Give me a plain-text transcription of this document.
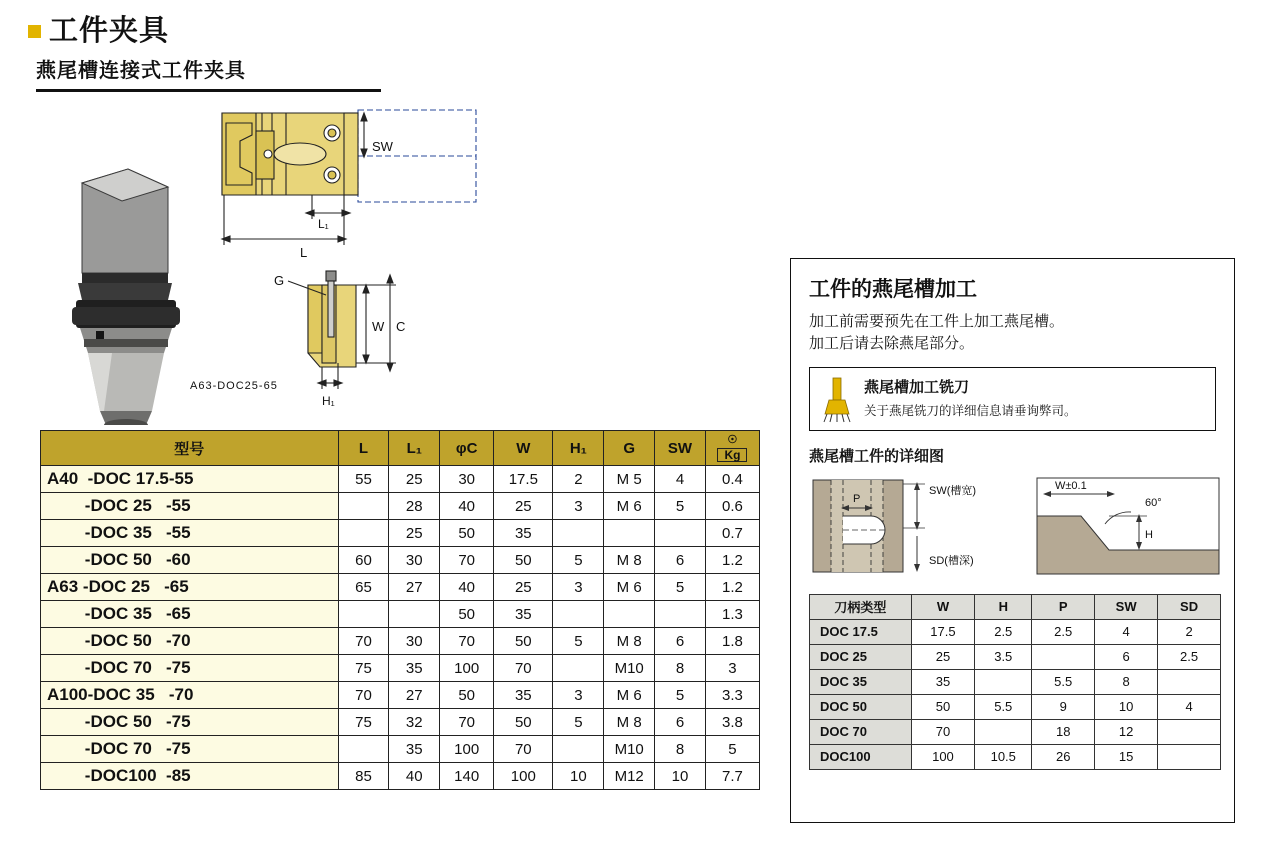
工件夹具
燕尾槽连接式工件夹具
SW
L₁
L
G
W C
H₁
A63-DOC25-65
型号	L	L₁	φC	W	H₁	G	SW	☉
Kg
A40  -DOC 17.5-55	55	25	30	17.5	2	M 5	4	0.4
-DOC 25   -55		28	40	25	3	M 6	5	0.6
-DOC 35   -55		25	50	35				0.7
-DOC 50   -60	60	30	70	50	5	M 8	6	1.2
A63 -DOC 25   -65	65	27	40	25	3	M 6	5	1.2
-DOC 35   -65			50	35				1.3
-DOC 50   -70	70	30	70	50	5	M 8	6	1.8
-DOC 70   -75	75	35	100	70		M10	8	3
A100-DOC 35   -70	70	27	50	35	3	M 6	5	3.3
-DOC 50   -75	75	32	70	50	5	M 8	6	3.8
-DOC 70   -75		35	100	70		M10	8	5
-DOC100  -85	85	40	140	100	10	M12	10	7.7
工件的燕尾槽加工
加工前需要预先在工件上加工燕尾槽。
加工后请去除燕尾部分。
燕尾槽加工铣刀
关于燕尾铣刀的详细信息请垂询弊司。
燕尾槽工件的详细图
P
SW(槽宽)
SD(槽深)
W±0.1
60°
H
刀柄类型	W	H	P	SW	SD
DOC 17.5	17.5	2.5	2.5	4	2
DOC 25	25	3.5		6	2.5
DOC 35	35		5.5	8	
DOC 50	50	5.5	9	10	4
DOC 70	70		18	12	
DOC100	100	10.5	26	15	
